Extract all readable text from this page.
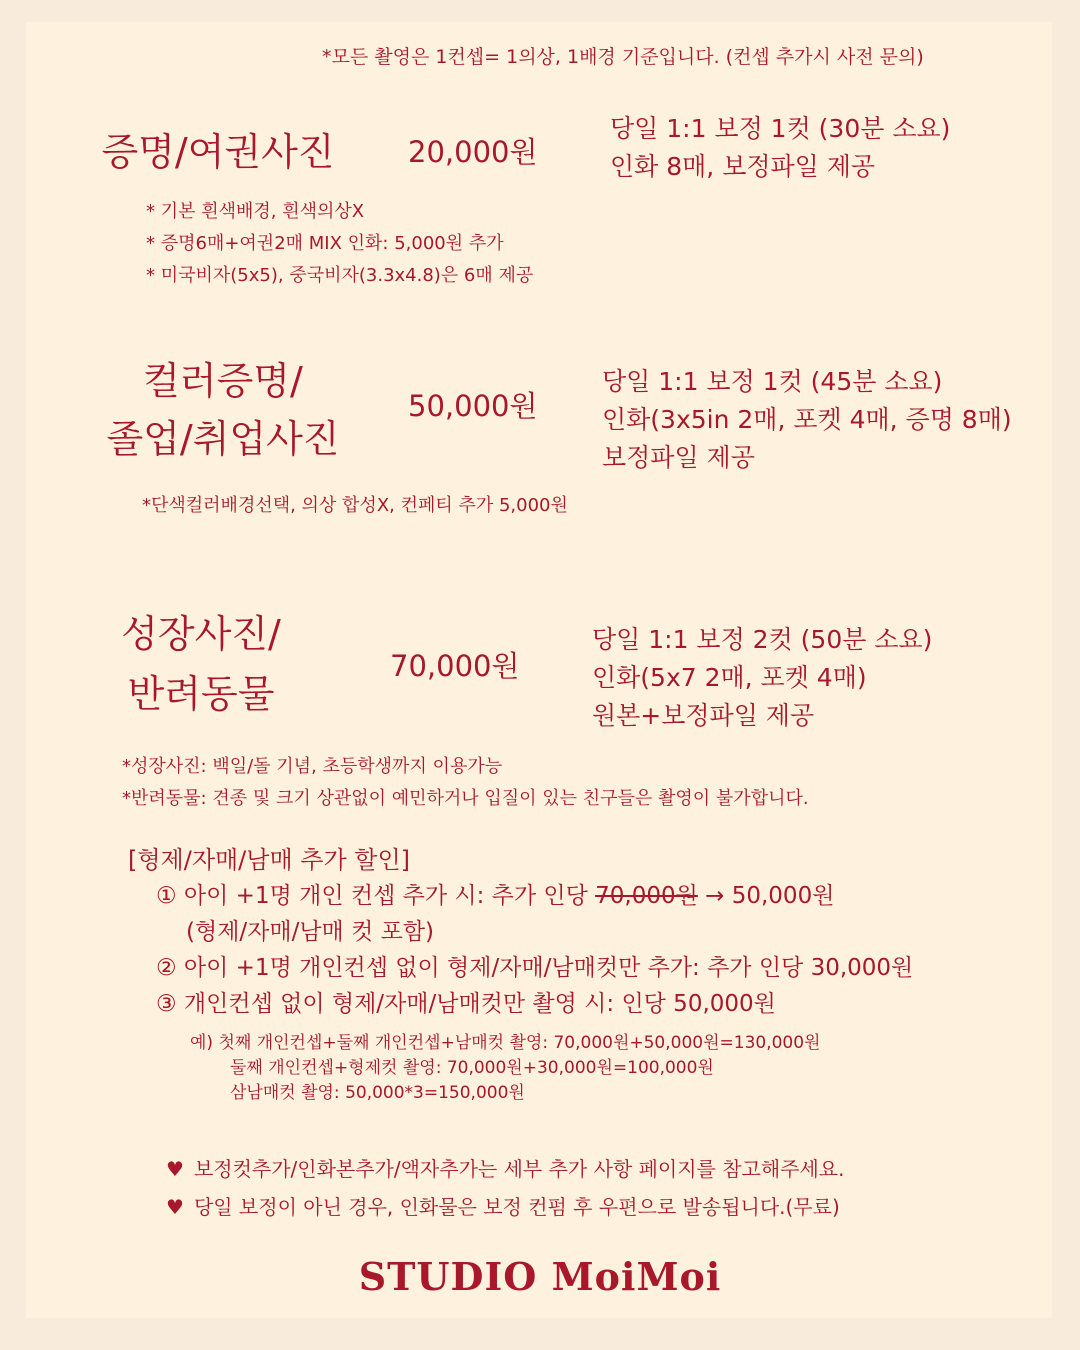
*모든 촬영은 1컨셉= 1의상, 1배경 기준입니다. (컨셉 추가시 사전 문의)
증명/여권사진	20,000원
당일 1:1 보정 1컷 (30분 소요)
인화 8매, 보정파일 제공
* 기본 흰색배경, 흰색의상X
* 증명6매+여권2매 MIX 인화: 5,000원 추가
* 미국비자(5x5), 중국비자(3.3x4.8)은 6매 제공
컬러증명/
졸업/취업사진
50,000원
당일 1:1 보정 1컷 (45분 소요)
인화(3x5in 2매, 포켓 4매, 증명 8매)
보정파일 제공
*단색컬러배경선택, 의상 합성X, 컨페티 추가 5,000원
성장사진/
반려동물
70,000원
당일 1:1 보정 2컷 (50분 소요)
인화(5x7 2매, 포켓 4매)
원본+보정파일 제공
*성장사진: 백일/돌 기념, 초등학생까지 이용가능
*반려동물: 견종 및 크기 상관없이 예민하거나 입질이 있는 친구들은 촬영이 불가합니다.
[형제/자매/남매 추가 할인]
① 아이 +1명 개인 컨셉 추가 시: 추가 인당 70,000원 → 50,000원
(형제/자매/남매 컷 포함)
② 아이 +1명 개인컨셉 없이 형제/자매/남매컷만 추가: 추가 인당 30,000원
③ 개인컨셉 없이 형제/자매/남매컷만 촬영 시: 인당 50,000원
예) 첫째 개인컨셉+둘째 개인컨셉+남매컷 촬영: 70,000원+50,000원=130,000원
둘째 개인컨셉+형제컷 촬영: 70,000원+30,000원=100,000원
삼남매컷 촬영: 50,000*3=150,000원
♥ 보정컷추가/인화본추가/액자추가는 세부 추가 사항 페이지를 참고해주세요.
♥ 당일 보정이 아닌 경우, 인화물은 보정 컨펌 후 우편으로 발송됩니다.(무료)
STUDIO MoiMoi
